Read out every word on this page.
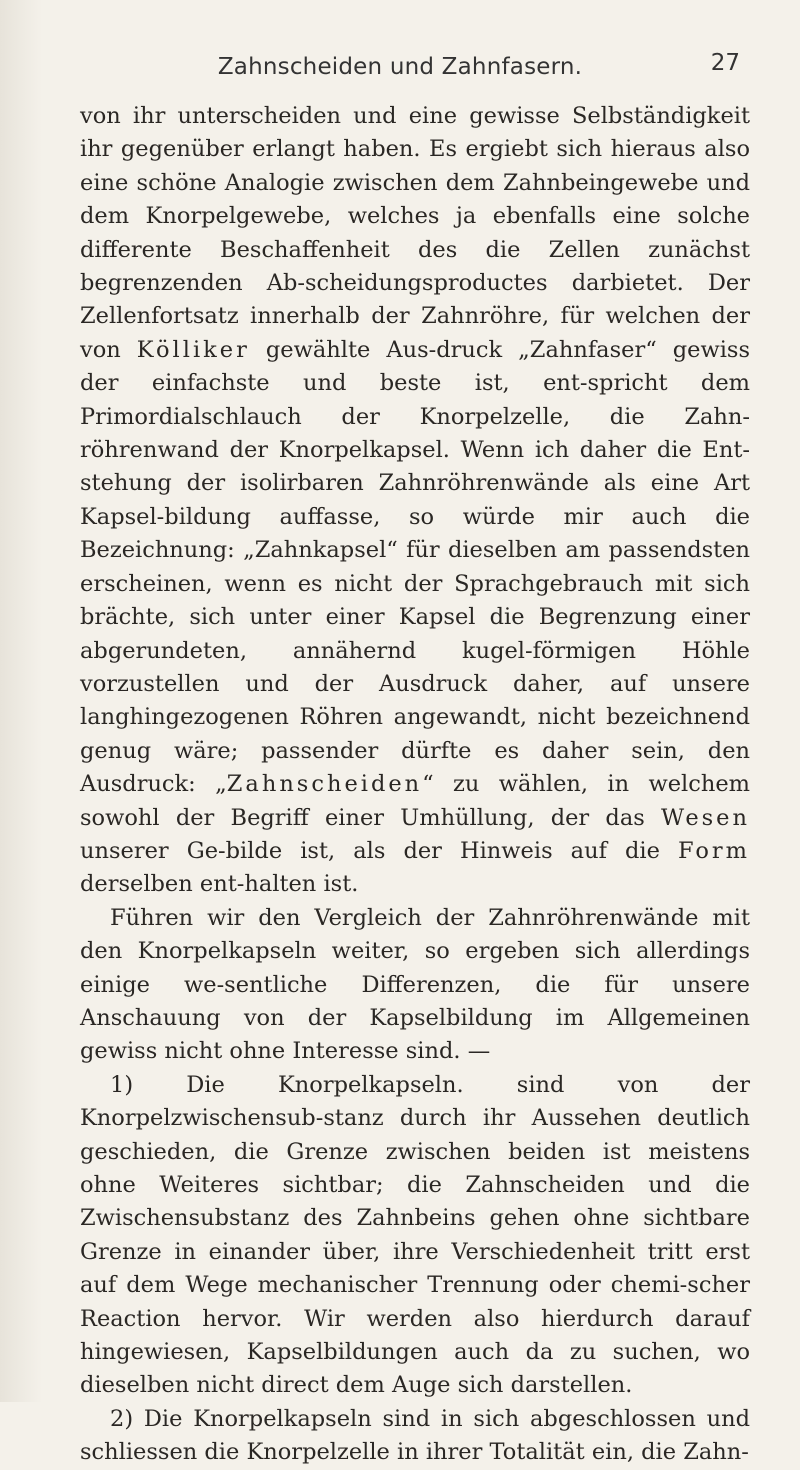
Zahnscheiden und Zahnfasern.	27

von ihr unterscheiden und eine gewisse Selbständigkeit ihr gegenüber erlangt haben. Es ergiebt sich hieraus also eine schöne Analogie zwischen dem Zahnbeingewebe und dem Knorpelgewebe, welches ja ebenfalls eine solche differente Beschaffenheit des die Zellen zunächst begrenzenden Ab-scheidungsproductes darbietet. Der Zellenfortsatz innerhalb der Zahnröhre, für welchen der von Kölliker gewählte Aus-druck „Zahnfaser“ gewiss der einfachste und beste ist, ent-spricht dem Primordialschlauch der Knorpelzelle, die Zahn-röhrenwand der Knorpelkapsel. Wenn ich daher die Ent-stehung der isolirbaren Zahnröhrenwände als eine Art Kapsel-bildung auffasse, so würde mir auch die Bezeichnung: „Zahnkapsel“ für dieselben am passendsten erscheinen, wenn es nicht der Sprachgebrauch mit sich brächte, sich unter einer Kapsel die Begrenzung einer abgerundeten, annähernd kugel-förmigen Höhle vorzustellen und der Ausdruck daher, auf unsere langhingezogenen Röhren angewandt, nicht bezeichnend genug wäre; passender dürfte es daher sein, den Ausdruck: „Zahnscheiden“ zu wählen, in welchem sowohl der Begriff einer Umhüllung, der das Wesen unserer Ge-bilde ist, als der Hinweis auf die Form derselben ent-halten ist.

Führen wir den Vergleich der Zahnröhrenwände mit den Knorpelkapseln weiter, so ergeben sich allerdings einige we-sentliche Differenzen, die für unsere Anschauung von der Kapselbildung im Allgemeinen gewiss nicht ohne Interesse sind. —

1) Die Knorpelkapseln. sind von der Knorpelzwischensub-stanz durch ihr Aussehen deutlich geschieden, die Grenze zwischen beiden ist meistens ohne Weiteres sichtbar; die Zahnscheiden und die Zwischensubstanz des Zahnbeins gehen ohne sichtbare Grenze in einander über, ihre Verschiedenheit tritt erst auf dem Wege mechanischer Trennung oder chemi-scher Reaction hervor. Wir werden also hierdurch darauf hingewiesen, Kapselbildungen auch da zu suchen, wo dieselben nicht direct dem Auge sich darstellen.

2) Die Knorpelkapseln sind in sich abgeschlossen und schliessen die Knorpelzelle in ihrer Totalität ein, die Zahn-
